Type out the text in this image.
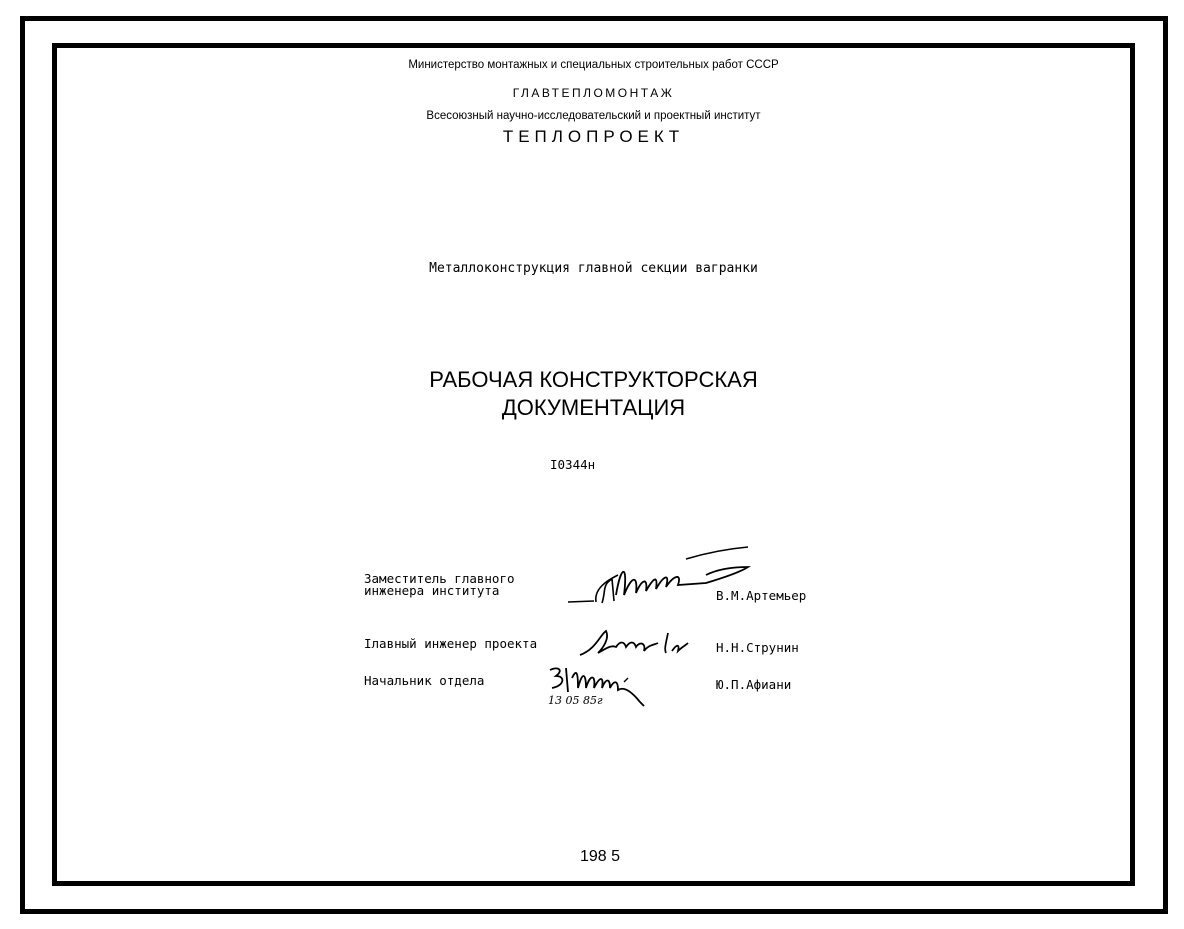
Министерство монтажных и специальных строительных работ СССР
ГЛАВТЕПЛОМОНТАЖ
Всесоюзный научно-исследовательский и проектный институт
ТЕПЛОПРОЕКТ
Металлоконструкция главной секции вагранки
РАБОЧАЯ КОНСТРУКТОРСКАЯ
ДОКУМЕНТАЦИЯ
I0344н
Заместитель главного
инженера института	В.М.Артемьер
Iлавный инженер проекта	Н.Н.Струнин
Начальник отдела
13 05 85г
Ю.П.Афиани
198 5
